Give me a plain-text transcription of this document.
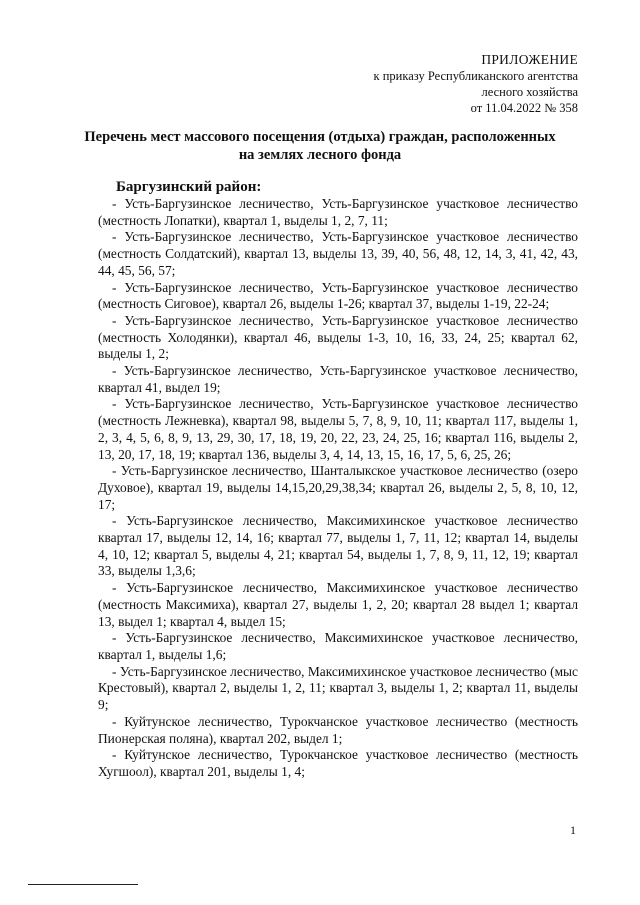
ПРИЛОЖЕНИЕ
к приказу Республиканского агентства
лесного хозяйства
от 11.04.2022 № 358
Перечень мест массового посещения (отдыха) граждан, расположенных
на землях лесного фонда
Баргузинский район:

- Усть-Баргузинское лесничество, Усть-Баргузинское участковое лесничество (местность Лопатки), квартал 1, выделы 1, 2, 7, 11;

- Усть-Баргузинское лесничество, Усть-Баргузинское участковое лесничество (местность Солдатский), квартал 13, выделы 13, 39, 40, 56, 48, 12, 14, 3, 41, 42, 43, 44, 45, 56, 57;

- Усть-Баргузинское лесничество, Усть-Баргузинское участковое лесничество (местность Сиговое), квартал 26, выделы 1-26; квартал 37, выделы 1-19, 22-24;

- Усть-Баргузинское лесничество, Усть-Баргузинское участковое лесничество (местность Холодянки), квартал 46, выделы 1-3, 10, 16, 33, 24, 25; квартал 62, выделы 1, 2;

- Усть-Баргузинское лесничество, Усть-Баргузинское участковое лесничество, квартал 41, выдел 19;

- Усть-Баргузинское лесничество, Усть-Баргузинское участковое лесничество (местность Лежневка), квартал 98, выделы 5, 7, 8, 9, 10, 11; квартал 117, выделы 1, 2, 3, 4, 5, 6, 8, 9, 13, 29, 30, 17, 18, 19, 20, 22, 23, 24, 25, 16; квартал 116, выделы 2, 13, 20, 17, 18, 19; квартал 136, выделы 3, 4, 14, 13, 15, 16, 17, 5, 6, 25, 26;

- Усть-Баргузинское лесничество, Шанталыкское участковое лесничество (озеро Духовое), квартал 19, выделы 14,15,20,29,38,34; квартал 26, выделы 2, 5, 8, 10, 12, 17;

- Усть-Баргузинское лесничество, Максимихинское участковое лесничество квартал 17, выделы 12, 14, 16; квартал 77, выделы 1, 7, 11, 12; квартал 14, выделы 4, 10, 12; квартал 5, выделы 4, 21; квартал 54, выделы 1, 7, 8, 9, 11, 12, 19; квартал 33, выделы 1,3,6;

- Усть-Баргузинское лесничество, Максимихинское участковое лесничество (местность Максимиха), квартал 27, выделы 1, 2, 20; квартал 28 выдел 1; квартал 13, выдел 1; квартал 4, выдел 15;

- Усть-Баргузинское лесничество, Максимихинское участковое лесничество, квартал 1, выделы 1,6;

- Усть-Баргузинское лесничество, Максимихинское участковое лесничество (мыс Крестовый), квартал 2, выделы 1, 2, 11; квартал 3, выделы 1, 2; квартал 11, выделы 9;

- Куйтунское лесничество, Турокчанское участковое лесничество (местность Пионерская поляна), квартал 202, выдел 1;

- Куйтунское лесничество, Турокчанское участковое лесничество (местность Хугшоол), квартал 201, выделы 1, 4;

1
